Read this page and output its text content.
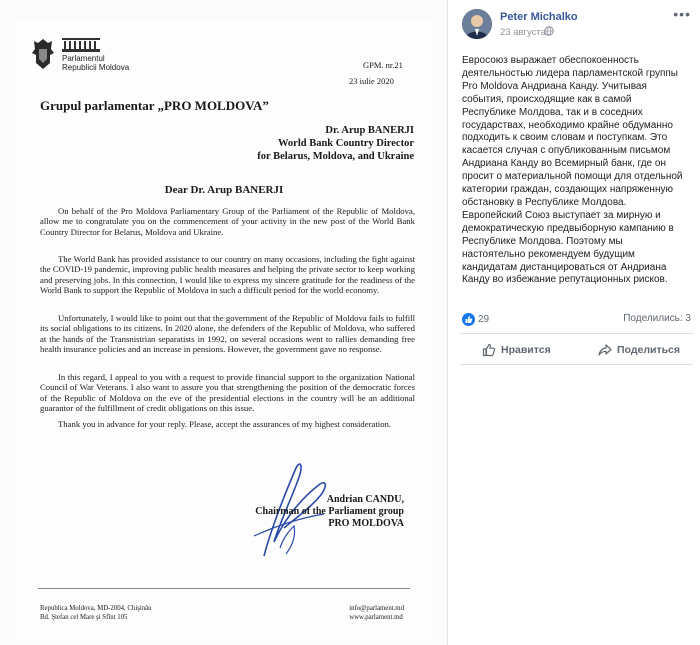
Parlamentul
Republicii Moldova	GPM. nr.21
23 iulie 2020
Grupul parlamentar „PRO MOLDOVA”
Dr. Arup BANERJI
World Bank Country Director
for Belarus, Moldova, and Ukraine
Dear Dr. Arup BANERJI
On behalf of the Pro Moldova Parliamentary Group of the Parliament of the Republic of Moldova, allow me to congratulate you on the commencement of your activity in the new post of the World Bank Country Director for Belarus, Moldova and Ukraine.
The World Bank has provided assistance to our country on many occasions, including the fight against the COVID-19 pandemic, improving public health measures and helping the private sector to keep working and preserving jobs. In this connection, I would like to express my sincere gratitude for the readiness of the World Bank to support the Republic of Moldova in such a difficult period for the world economy.
Unfortunately, I would like to point out that the government of the Republic of Moldova fails to fulfill its social obligations to its citizens. In 2020 alone, the defenders of the Republic of Moldova, who suffered at the hands of the Transnistrian separatists in 1992, on several occasions went to rallies demanding free health insurance policies and an increase in pensions. However, the government gave no response.
In this regard, I appeal to you with a request to provide financial support to the organization National Council of War Veterans. I also want to assure you that strengthening the position of the democratic forces of the Republic of Moldova on the eve of the presidential elections in the country will be an additional guarantor of the fulfillment of credit obligations on this issue.
Thank you in advance for your reply. Please, accept the assurances of my highest consideration.
Andrian CANDU,
Chairman of the Parliament group
PRO MOLDOVA
Republica Moldova, MD-2004, Chişinău
Bd. Ştefan cel Mare şi Sfînt 105
info@parlament.md
www.parlament.md
Peter Michalko
23 августа
•••
Евросоюз выражает обеспокоенность деятельностью лидера парламентской группы Pro Moldova Андриана Канду. Учитывая события, происходящие как в самой Республике Молдова, так и в соседних государствах, необходимо крайне обдуманно подходить к своим словам и поступкам. Это касается случая с опубликованным письмом Андриана Канду во Всемирный банк, где он просит о материальной помощи для отдельной категории граждан, создающих напряженную обстановку в Республике Молдова. Европейский Союз выступает за мирную и демократическую предвыборную кампанию в Республике Молдова. Поэтому мы настоятельно рекомендуем будущим кандидатам дистанцироваться от Андриана Канду во избежание репутационных рисков.
29	Поделились: 3
Нравится	Поделиться
